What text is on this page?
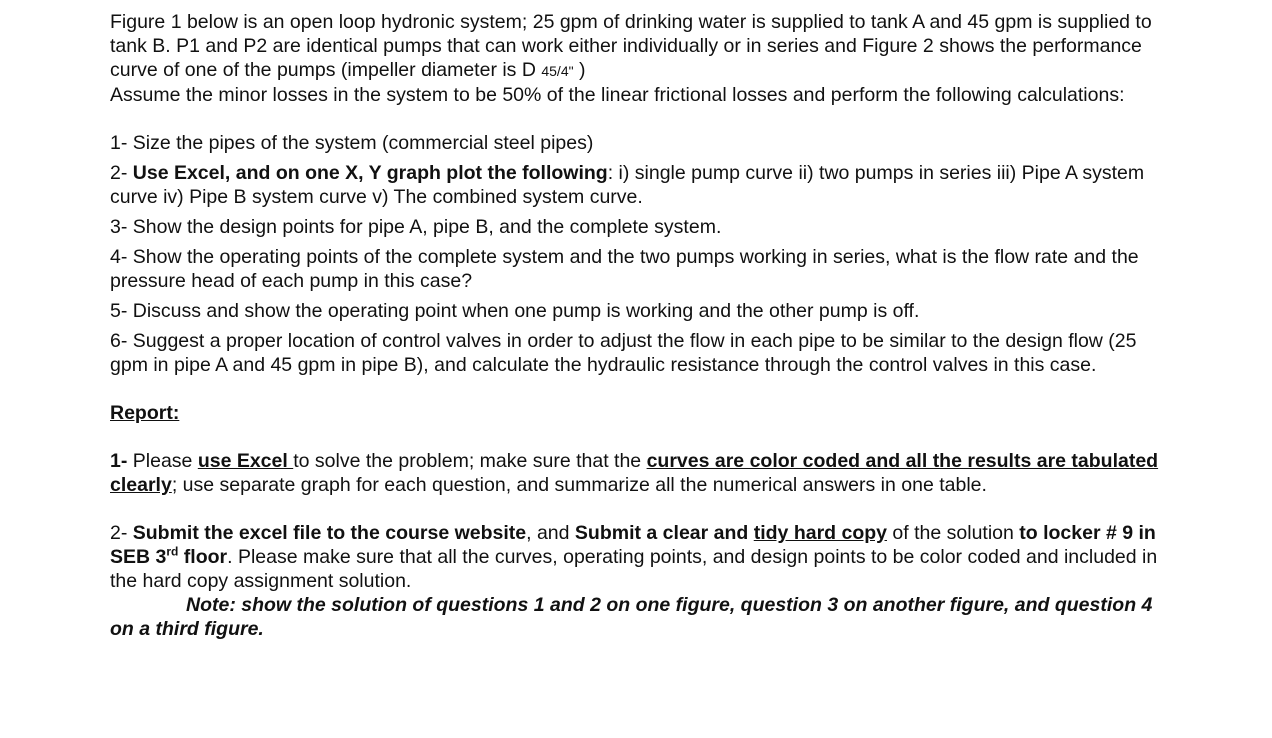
Figure 1 below is an open loop hydronic system; 25 gpm of drinking water is supplied to tank A and 45 gpm is supplied to tank B. P1 and P2 are identical pumps that can work either individually or in series and Figure 2 shows the performance curve of one of the pumps (impeller diameter is D 45/4" )
Assume the minor losses in the system to be 50% of the linear frictional losses and perform the following calculations:

1- Size the pipes of the system (commercial steel pipes)

2- Use Excel, and on one X, Y graph plot the following: i) single pump curve ii) two pumps in series iii) Pipe A system curve iv) Pipe B system curve v) The combined system curve.

3- Show the design points for pipe A, pipe B, and the complete system.

4- Show the operating points of the complete system and the two pumps working in series, what is the flow rate and the pressure head of each pump in this case?

5- Discuss and show the operating point when one pump is working and the other pump is off.

6- Suggest a proper location of control valves in order to adjust the flow in each pipe to be similar to the design flow (25 gpm in pipe A and 45 gpm in pipe B), and calculate the hydraulic resistance through the control valves in this case.

Report:

1- Please use Excel to solve the problem; make sure that the curves are color coded and all the results are tabulated clearly; use separate graph for each question, and summarize all the numerical answers in one table.

2- Submit the excel file to the course website, and Submit a clear and tidy hard copy of the solution to locker # 9 in SEB 3rd floor. Please make sure that all the curves, operating points, and design points to be color coded and included in the hard copy assignment solution.

Note: show the solution of questions 1 and 2 on one figure, question 3 on another figure, and question 4 on a third figure.
